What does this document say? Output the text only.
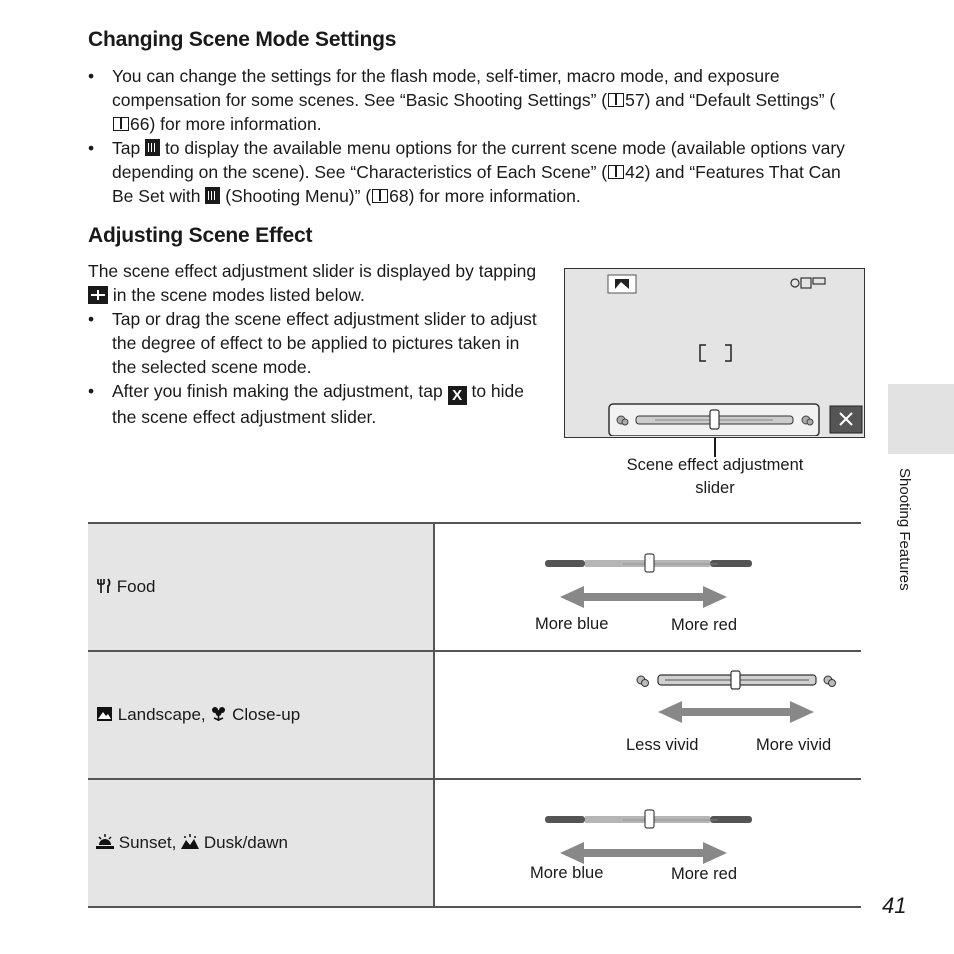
Changing Scene Mode Settings
• You can change the settings for the flash mode, self-timer, macro mode, and exposure compensation for some scenes. See “Basic Shooting Settings” ( 57) and “Default Settings” (66) for more information.
• Tap  to display the available menu options for the current scene mode (available options vary depending on the scene). See “Characteristics of Each Scene” ( 42) and “Features That Can Be Set with  (Shooting Menu)” ( 68) for more information.
Adjusting Scene Effect
The scene effect adjustment slider is displayed by tapping  in the scene modes listed below.
• Tap or drag the scene effect adjustment slider to adjust the degree of effect to be applied to pictures taken in the selected scene mode.
• After you finish making the adjustment, tap X to hide the scene effect adjustment slider.
Scene effect adjustment slider
Food
More blue	More red
Landscape,  Close-up
Less vivid	More vivid
Sunset,  Dusk/dawn
More blue	More red
Shooting Features
41
